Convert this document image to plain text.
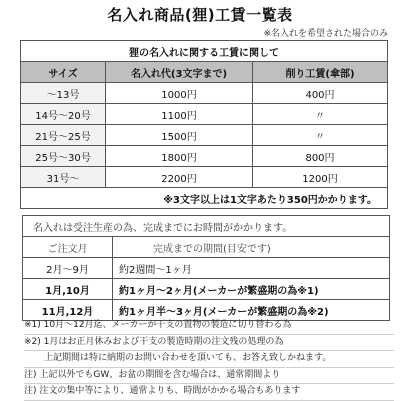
名入れ商品(狸)工賃一覧表
※名入れを希望された場合のみ
狸の名入れに関する工賃に関して		
サイズ	名入れ代(3文字まで)	削り工賃(傘部)
～13号	1000円	400円
14号～20号	1100円	〃
21号～25号	1500円	〃
25号～30号	1800円	800円
31号～	2200円	1200円
※3文字以上は1文字あたり350円かかります。		
名入れは受注生産の為、完成までにお時間がかかります。	
ご注文月	完成までの期間(目安です)
2月～9月	約2週間～1ヶ月
1月,10月	約1ヶ月～2ヶ月(メーカーが繁盛期の為※1)
11月,12月	約1ヶ月半～3ヶ月(メーカーが繁盛期の為※2)
※1) 10月～12月迄、メーカーが干支の置物の製造に切り替わる為
※2) 1月はお正月休みおよび干支の製造時期の注文残の処理の為
上記期間は特に納期のお問い合わせを頂いても、お答え致しかねます。
注) 上記以外でもGW、お盆の期間を含む場合は、通常期間より
注) 注文の集中等により、通常よりも、時間がかかる場合もあります
